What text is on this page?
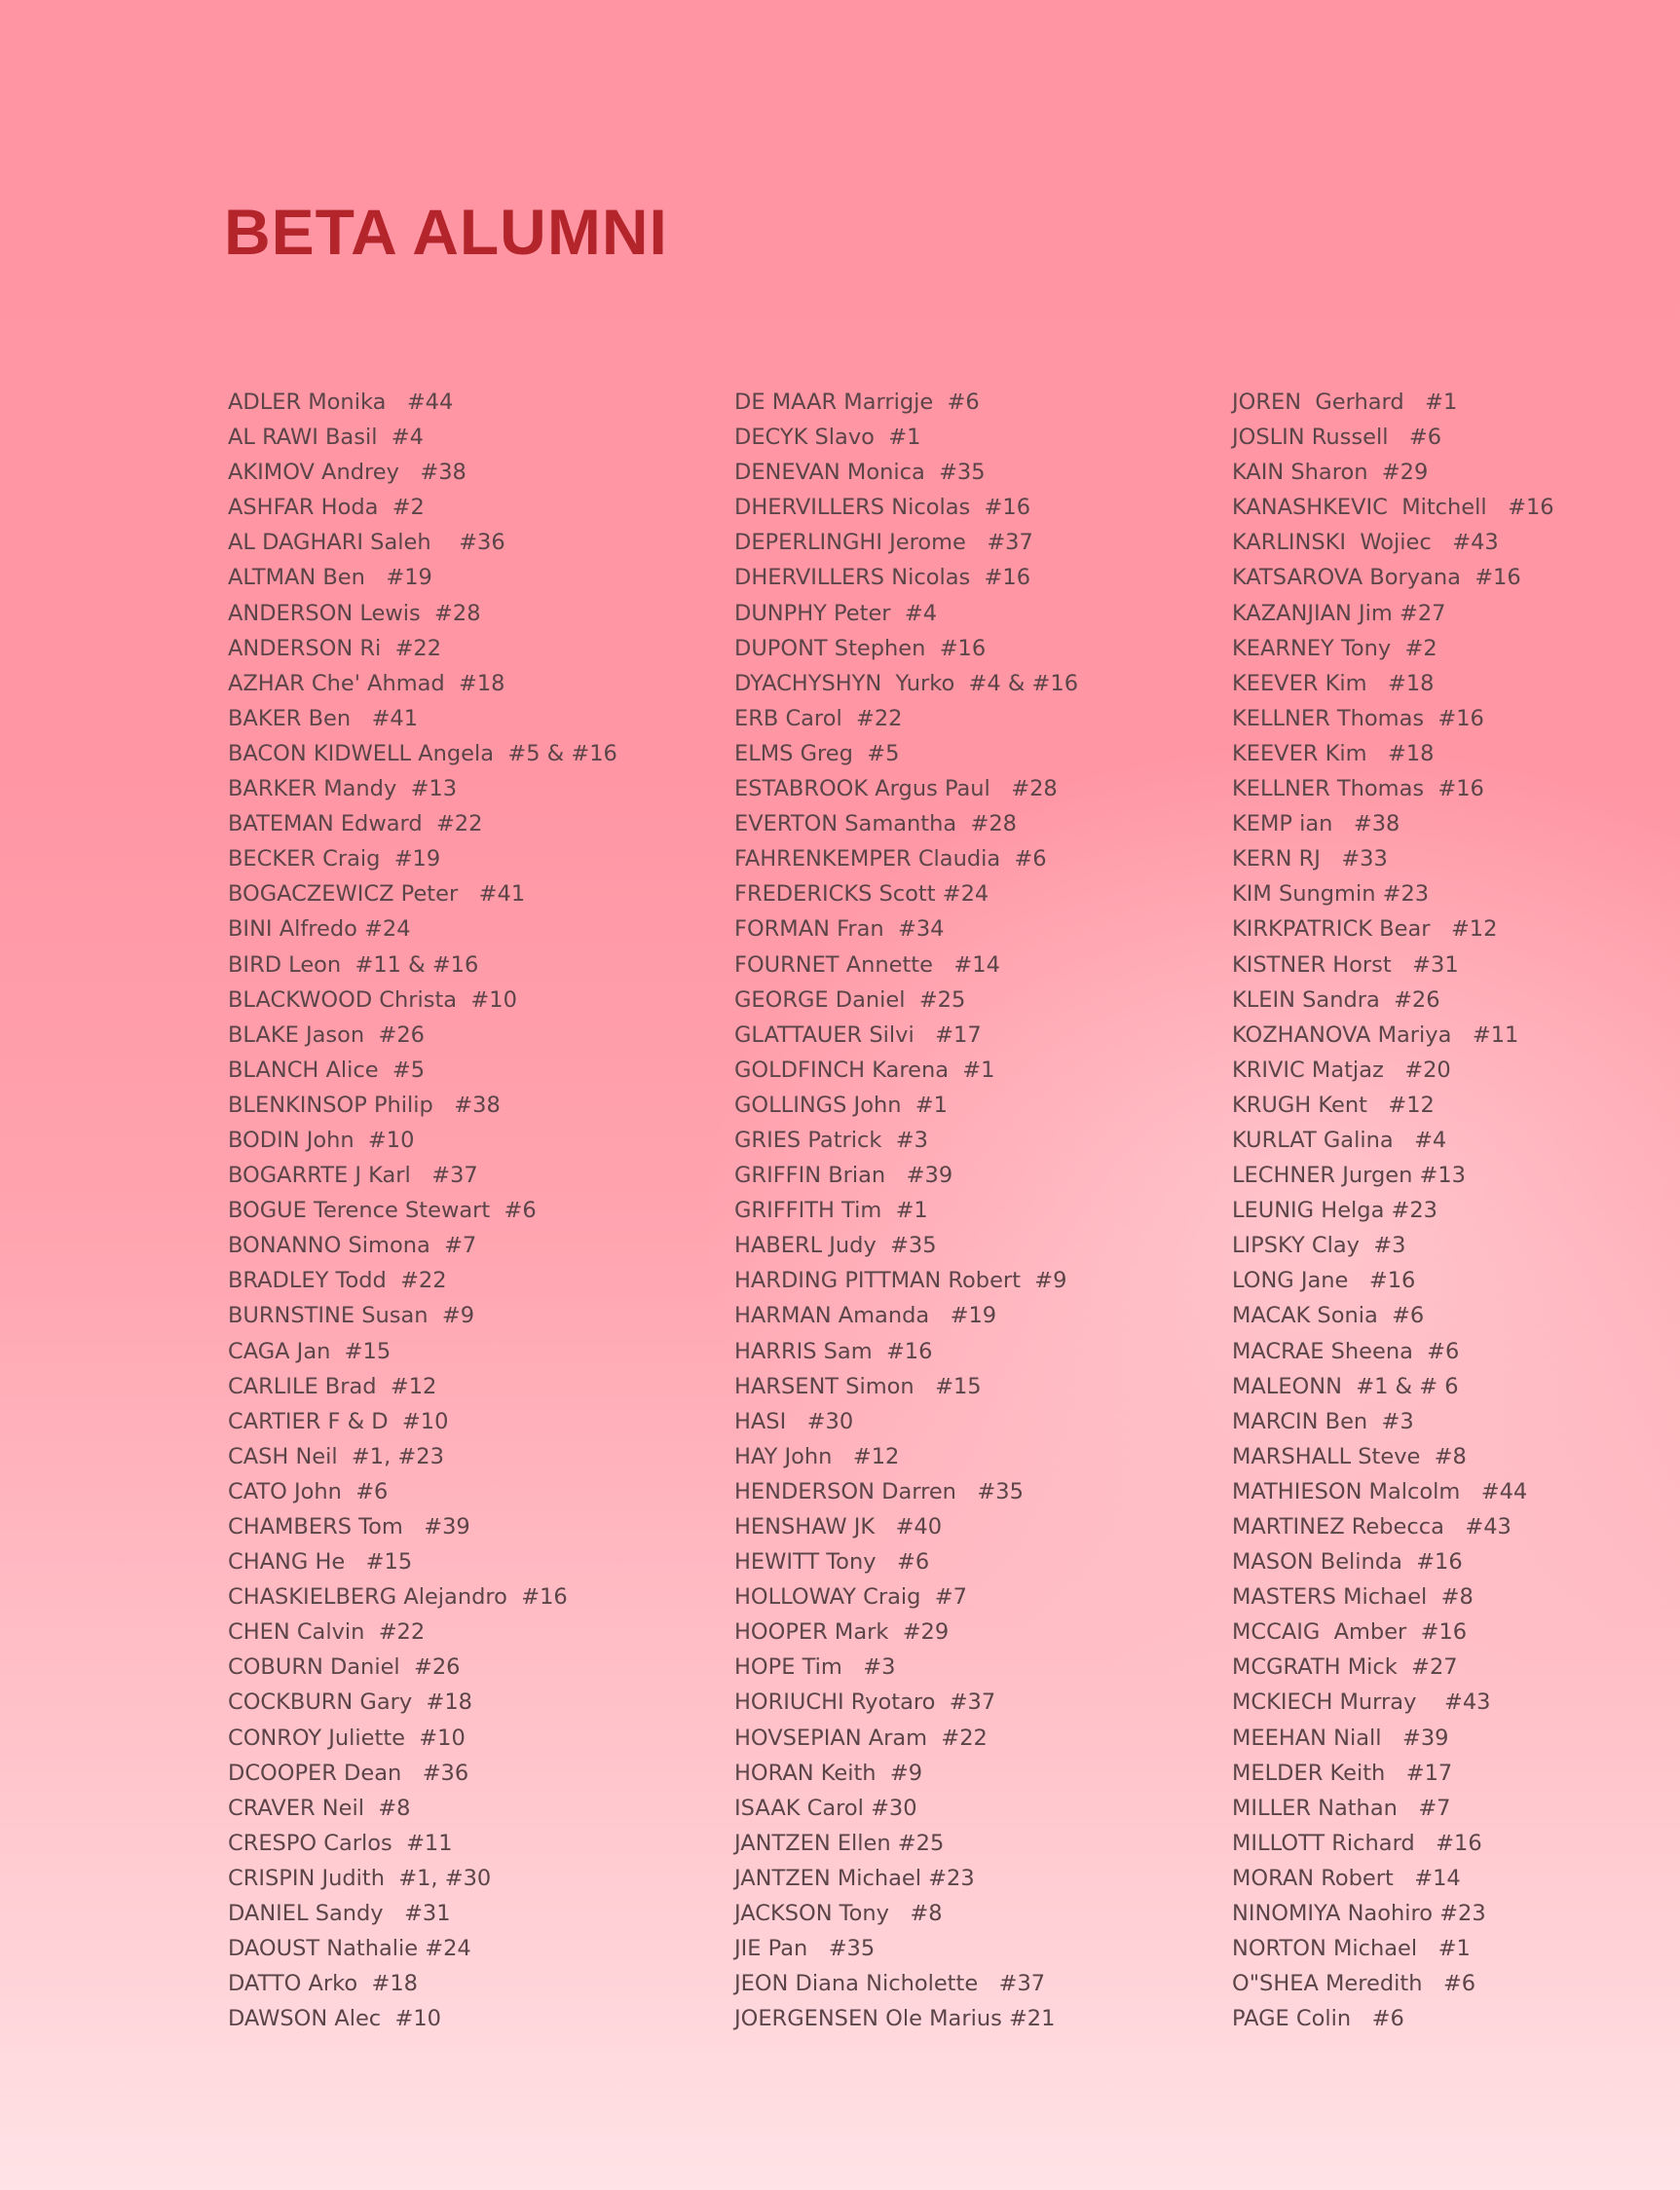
BETA ALUMNI
ADLER Monika   #44
AL RAWI Basil  #4
AKIMOV Andrey   #38
ASHFAR Hoda  #2
AL DAGHARI Saleh    #36
ALTMAN Ben   #19
ANDERSON Lewis  #28
ANDERSON Ri  #22
AZHAR Che' Ahmad  #18
BAKER Ben   #41
BACON KIDWELL Angela  #5 & #16
BARKER Mandy  #13
BATEMAN Edward  #22
BECKER Craig  #19
BOGACZEWICZ Peter   #41
BINI Alfredo #24
BIRD Leon  #11 & #16
BLACKWOOD Christa  #10
BLAKE Jason  #26
BLANCH Alice  #5
BLENKINSOP Philip   #38
BODIN John  #10
BOGARRTE J Karl   #37
BOGUE Terence Stewart  #6
BONANNO Simona  #7
BRADLEY Todd  #22
BURNSTINE Susan  #9
CAGA Jan  #15
CARLILE Brad  #12
CARTIER F & D  #10
CASH Neil  #1, #23
CATO John  #6
CHAMBERS Tom   #39
CHANG He   #15
CHASKIELBERG Alejandro  #16
CHEN Calvin  #22
COBURN Daniel  #26
COCKBURN Gary  #18
CONROY Juliette  #10
DCOOPER Dean   #36
CRAVER Neil  #8
CRESPO Carlos  #11
CRISPIN Judith  #1, #30
DANIEL Sandy   #31
DAOUST Nathalie #24
DATTO Arko  #18
DAWSON Alec  #10
DE MAAR Marrigje  #6
DECYK Slavo  #1
DENEVAN Monica  #35
DHERVILLERS Nicolas  #16
DEPERLINGHI Jerome   #37
DHERVILLERS Nicolas  #16
DUNPHY Peter  #4
DUPONT Stephen  #16
DYACHYSHYN  Yurko  #4 & #16
ERB Carol  #22
ELMS Greg  #5
ESTABROOK Argus Paul   #28
EVERTON Samantha  #28
FAHRENKEMPER Claudia  #6
FREDERICKS Scott #24
FORMAN Fran  #34
FOURNET Annette   #14
GEORGE Daniel  #25
GLATTAUER Silvi   #17
GOLDFINCH Karena  #1
GOLLINGS John  #1
GRIES Patrick  #3
GRIFFIN Brian   #39
GRIFFITH Tim  #1
HABERL Judy  #35
HARDING PITTMAN Robert  #9
HARMAN Amanda   #19
HARRIS Sam  #16
HARSENT Simon   #15
HASI   #30
HAY John   #12
HENDERSON Darren   #35
HENSHAW JK   #40
HEWITT Tony   #6
HOLLOWAY Craig  #7
HOOPER Mark  #29
HOPE Tim   #3
HORIUCHI Ryotaro  #37
HOVSEPIAN Aram  #22
HORAN Keith  #9
ISAAK Carol #30
JANTZEN Ellen #25
JANTZEN Michael #23
JACKSON Tony   #8
JIE Pan   #35
JEON Diana Nicholette   #37
JOERGENSEN Ole Marius #21
JOREN  Gerhard   #1
JOSLIN Russell   #6
KAIN Sharon  #29
KANASHKEVIC  Mitchell   #16
KARLINSKI  Wojiec   #43
KATSAROVA Boryana  #16
KAZANJIAN Jim #27
KEARNEY Tony  #2
KEEVER Kim   #18
KELLNER Thomas  #16
KEEVER Kim   #18
KELLNER Thomas  #16
KEMP ian   #38
KERN RJ   #33
KIM Sungmin #23
KIRKPATRICK Bear   #12
KISTNER Horst   #31
KLEIN Sandra  #26
KOZHANOVA Mariya   #11
KRIVIC Matjaz   #20
KRUGH Kent   #12
KURLAT Galina   #4
LECHNER Jurgen #13
LEUNIG Helga #23
LIPSKY Clay  #3
LONG Jane   #16
MACAK Sonia  #6
MACRAE Sheena  #6
MALEONN  #1 & # 6
MARCIN Ben  #3
MARSHALL Steve  #8
MATHIESON Malcolm   #44
MARTINEZ Rebecca   #43
MASON Belinda  #16
MASTERS Michael  #8
MCCAIG  Amber  #16
MCGRATH Mick  #27
MCKIECH Murray    #43
MEEHAN Niall   #39
MELDER Keith   #17
MILLER Nathan   #7
MILLOTT Richard   #16
MORAN Robert   #14
NINOMIYA Naohiro #23
NORTON Michael   #1
O"SHEA Meredith   #6
PAGE Colin   #6
